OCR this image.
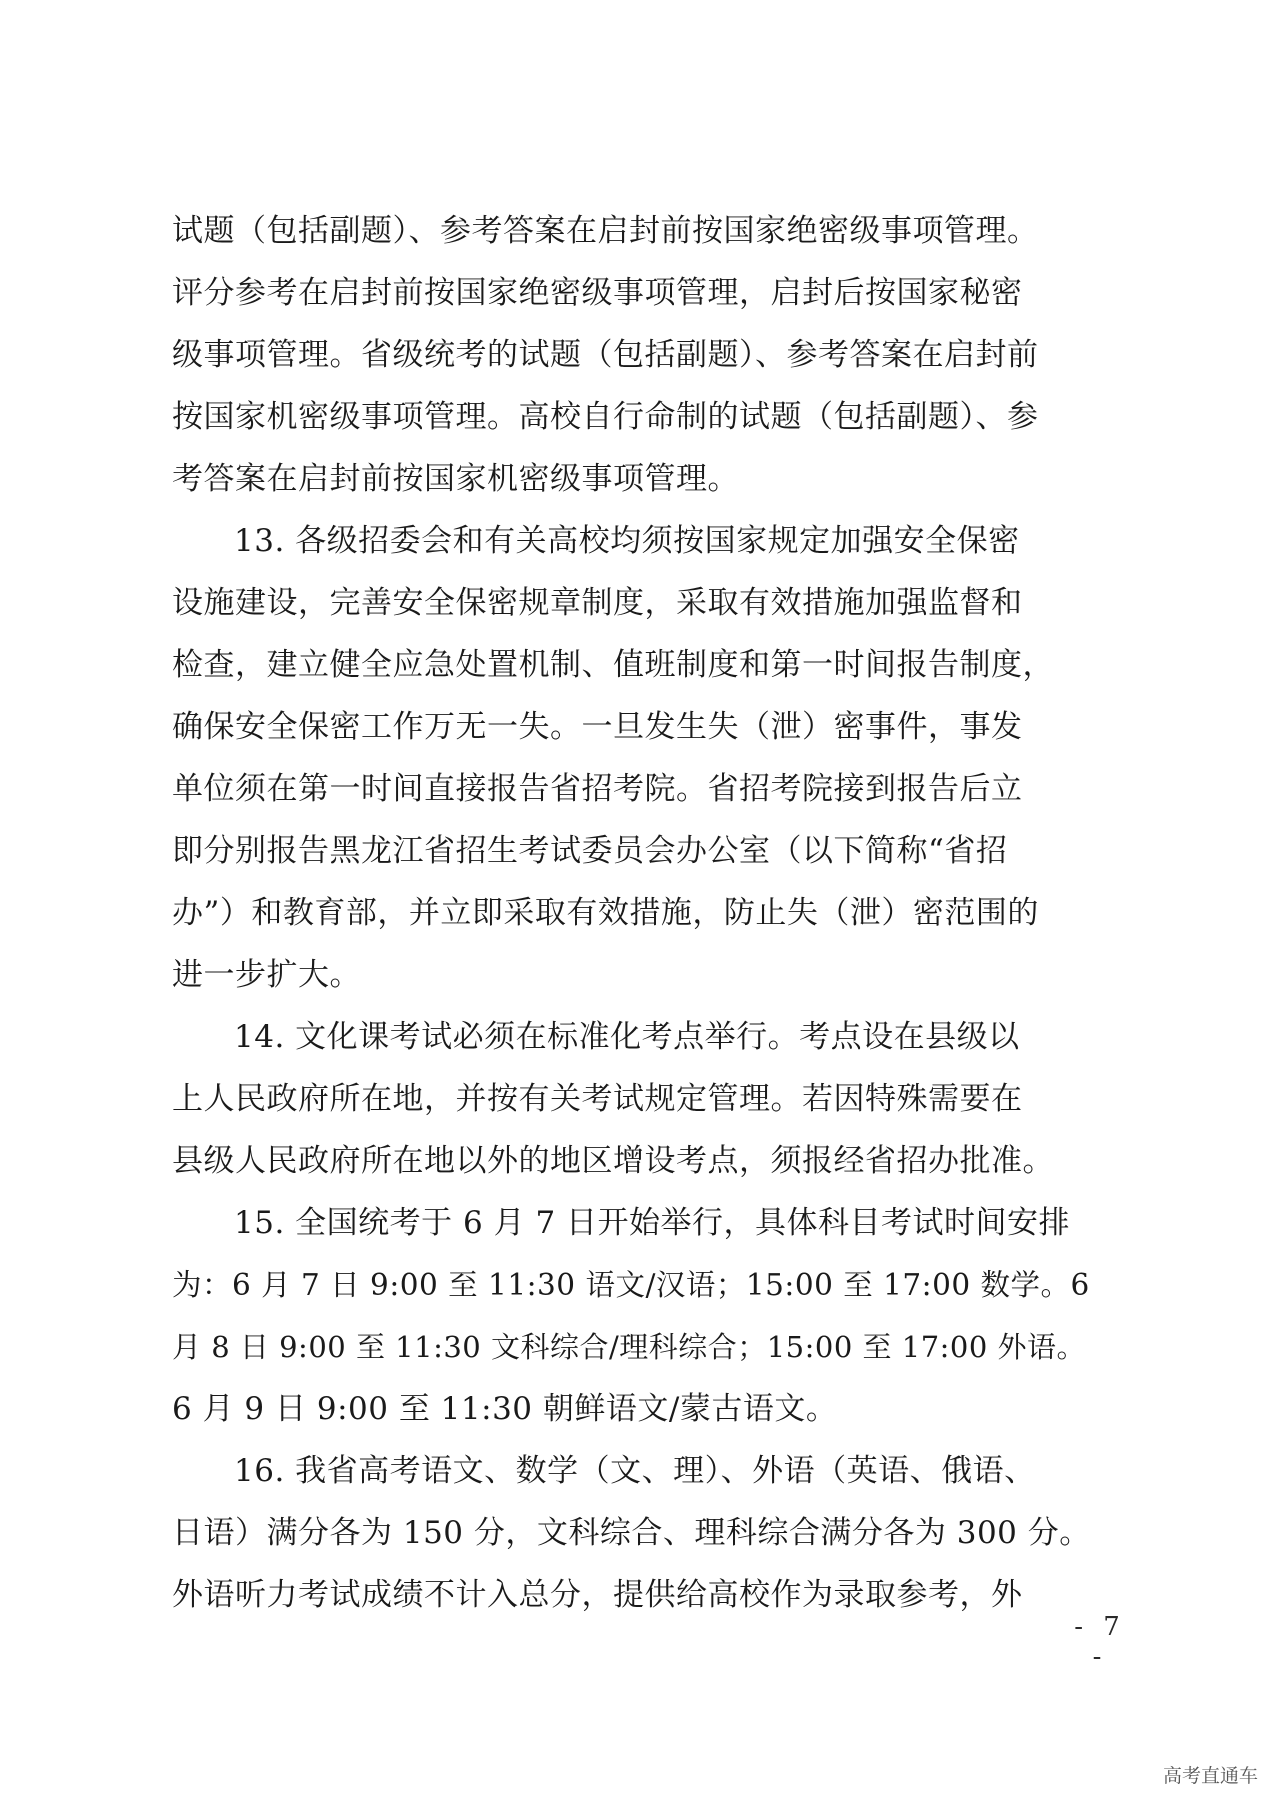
试题（包括副题）、参考答案在启封前按国家绝密级事项管理。
评分参考在启封前按国家绝密级事项管理，启封后按国家秘密
级事项管理。省级统考的试题（包括副题）、参考答案在启封前
按国家机密级事项管理。高校自行命制的试题（包括副题）、参
考答案在启封前按国家机密级事项管理。
13. 各级招委会和有关高校均须按国家规定加强安全保密
设施建设，完善安全保密规章制度，采取有效措施加强监督和
检查，建立健全应急处置机制、值班制度和第一时间报告制度，
确保安全保密工作万无一失。一旦发生失（泄）密事件，事发
单位须在第一时间直接报告省招考院。省招考院接到报告后立
即分别报告黑龙江省招生考试委员会办公室（以下简称“省招
办”）和教育部，并立即采取有效措施，防止失（泄）密范围的
进一步扩大。
14. 文化课考试必须在标准化考点举行。考点设在县级以
上人民政府所在地，并按有关考试规定管理。若因特殊需要在
县级人民政府所在地以外的地区增设考点，须报经省招办批准。
15. 全国统考于 6 月 7 日开始举行，具体科目考试时间安排
为：6 月 7 日 9:00 至 11:30 语文/汉语；15:00 至 17:00 数学。6
月 8 日 9:00 至 11:30 文科综合/理科综合；15:00 至 17:00 外语。
6 月 9 日 9:00 至 11:30 朝鲜语文/蒙古语文。
16. 我省高考语文、数学（文、理）、外语（英语、俄语、
日语）满分各为 150 分，文科综合、理科综合满分各为 300 分。
外语听力考试成绩不计入总分，提供给高校作为录取参考，外
- 7 -
高考直通车
